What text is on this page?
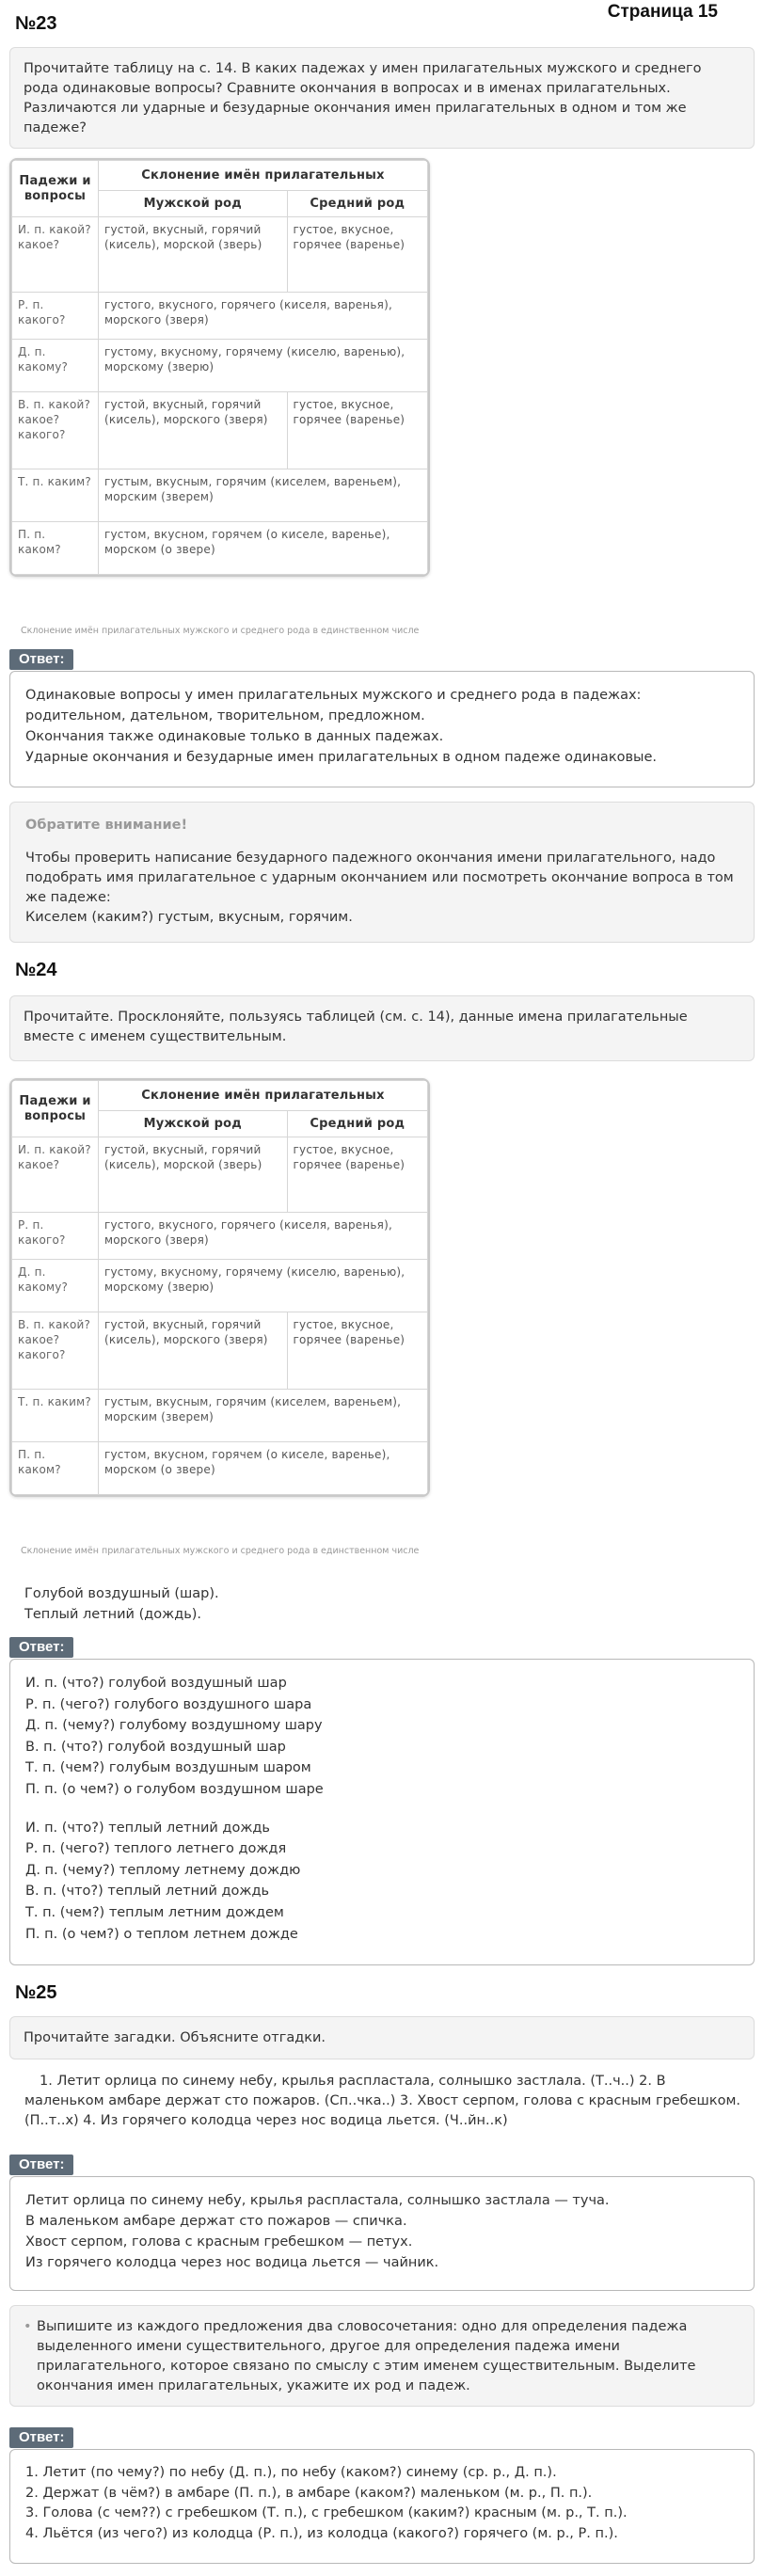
Страница 15
№23

Прочитайте таблицу на с. 14. В каких падежах у имен прилагательных мужского и среднего рода одинаковые вопросы? Сравните окончания в вопросах и в именах прилагательных. Различаются ли ударные и безударные окончания имен прилагательных в одном и том же падеже?

Падежи и вопросы	Склонение имён прилагательных	
	Мужской род	Средний род
И. п. какой? какое?	густой, вкусный, горячий (кисель), морской (зверь)	густое, вкусное, горячее (варенье)
Р. п. какого?	густого, вкусного, горячего (киселя, варенья), морского (зверя)	
Д. п. какому?	густому, вкусному, горячему (киселю, варенью), морскому (зверю)	
В. п. какой? какое? какого?	густой, вкусный, горячий (кисель), морского (зверя)	густое, вкусное, горячее (варенье)
Т. п. каким?	густым, вкусным, горячим (киселем, вареньем), морским (зверем)	
П. п. каком?	густом, вкусном, горячем (о киселе, варенье), морском (о звере)	
Склонение имён прилагательных мужского и среднего рода в единственном числе
Ответ:

Одинаковые вопросы у имен прилагательных мужского и среднего рода в падежах: родительном, дательном, творительном, предложном.

Окончания также одинаковые только в данных падежах.

Ударные окончания и безударные имен прилагательных в одном падеже одинаковые.

Обратите внимание!

Чтобы проверить написание безударного падежного окончания имени прилагательного, надо подобрать имя прилагательное с ударным окончанием или посмотреть окончание вопроса в том же падеже:

Киселем (каким?) густым, вкусным, горячим.

№24

Прочитайте. Просклоняйте, пользуясь таблицей (см. с. 14), данные имена прилагательные вместе с именем существительным.

Падежи и вопросы	Склонение имён прилагательных	
	Мужской род	Средний род
И. п. какой? какое?	густой, вкусный, горячий (кисель), морской (зверь)	густое, вкусное, горячее (варенье)
Р. п. какого?	густого, вкусного, горячего (киселя, варенья), морского (зверя)	
Д. п. какому?	густому, вкусному, горячему (киселю, варенью), морскому (зверю)	
В. п. какой? какое? какого?	густой, вкусный, горячий (кисель), морского (зверя)	густое, вкусное, горячее (варенье)
Т. п. каким?	густым, вкусным, горячим (киселем, вареньем), морским (зверем)	
П. п. каком?	густом, вкусном, горячем (о киселе, варенье), морском (о звере)	
Склонение имён прилагательных мужского и среднего рода в единственном числе

Голубой воздушный (шар).

Теплый летний (дождь).

Ответ:

И. п. (что?) голубой воздушный шар

Р. п. (чего?) голубого воздушного шара

Д. п. (чему?) голубому воздушному шару

В. п. (что?) голубой воздушный шар

Т. п. (чем?) голубым воздушным шаром

П. п. (о чем?) о голубом воздушном шаре

И. п. (что?) теплый летний дождь

Р. п. (чего?) теплого летнего дождя

Д. п. (чему?) теплому летнему дождю

В. п. (что?) теплый летний дождь

Т. п. (чем?) теплым летним дождем

П. п. (о чем?) о теплом летнем дожде

№25

Прочитайте загадки. Объясните отгадки.

1. Летит орлица по синему небу, крылья распластала, солнышко застлала. (Т..ч..) 2. В маленьком амбаре держат сто пожаров. (Сп..чка..) 3. Хвост серпом, голова с красным гребешком. (П..т..х) 4. Из горячего колодца через нос водица льется. (Ч..йн..к)
Ответ:

Летит орлица по синему небу, крылья распластала, солнышко застлала — туча.

В маленьком амбаре держат сто пожаров — спичка.

Хвост серпом, голова с красным гребешком — петух.

Из горячего колодца через нос водица льется — чайник.

• Выпишите из каждого предложения два словосочетания: одно для определения падежа выделенного имени существительного, другое для определения падежа имени прилагательного, которое связано по смыслу с этим именем существительным. Выделите окончания имен прилагательных, укажите их род и падеж.

Ответ:

1. Летит (по чему?) по небу (Д. п.), по небу (каком?) синему (ср. р., Д. п.).

2. Держат (в чём?) в амбаре (П. п.), в амбаре (каком?) маленьком (м. р., П. п.).

3. Голова (с чем??) с гребешком (Т. п.), с гребешком (каким?) красным (м. р., Т. п.).

4. Льётся (из чего?) из колодца (Р. п.), из колодца (какого?) горячего (м. р., Р. п.).
